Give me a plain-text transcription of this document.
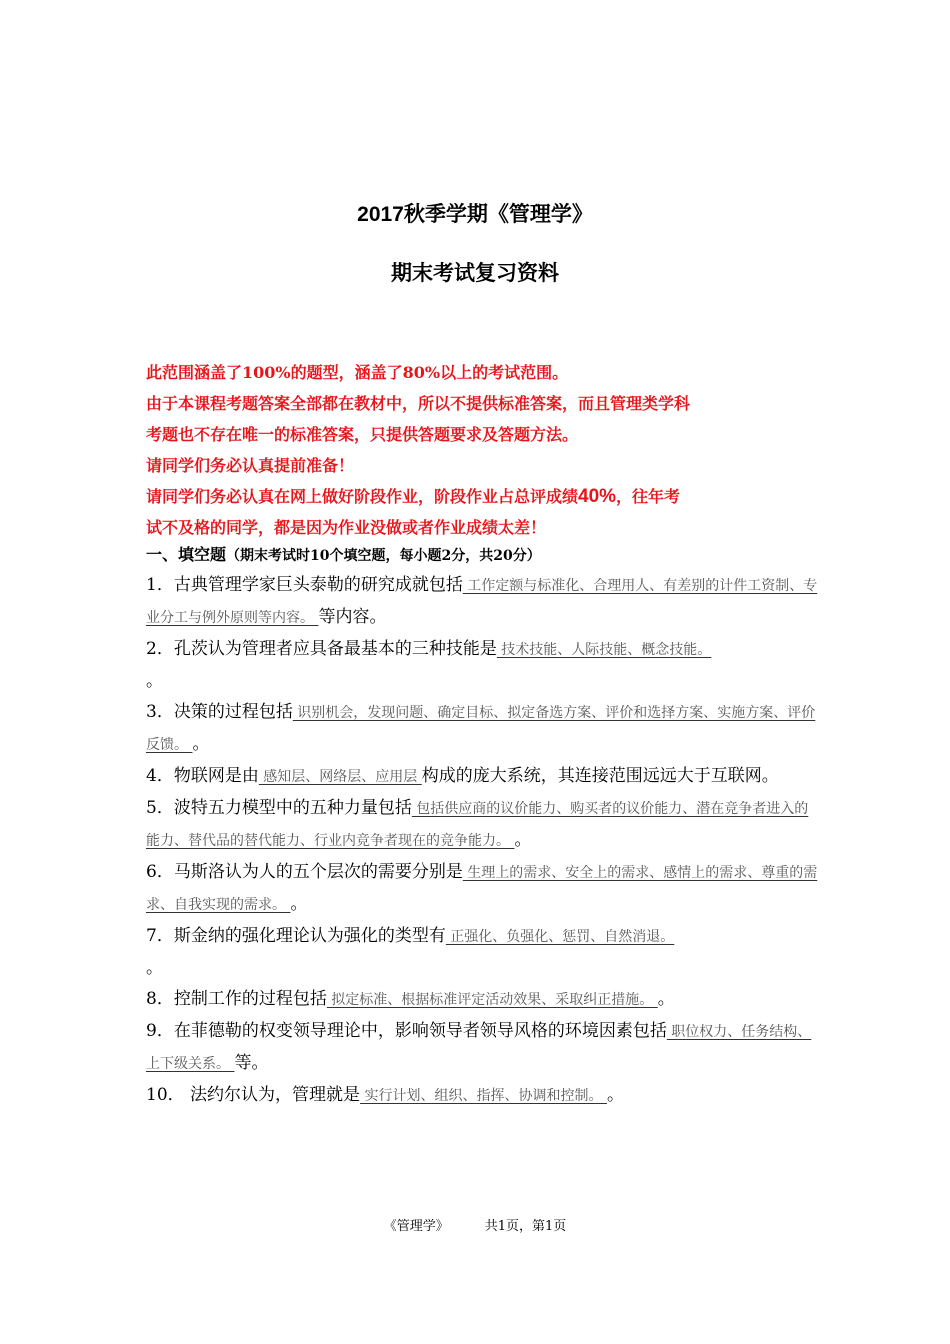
2017秋季学期《管理学》
期末考试复习资料
此范围涵盖了100%的题型，涵盖了80%以上的考试范围。
由于本课程考题答案全部都在教材中，所以不提供标准答案，而且管理类学科
考题也不存在唯一的标准答案，只提供答题要求及答题方法。
请同学们务必认真提前准备！
请同学们务必认真在网上做好阶段作业，阶段作业占总评成绩40%，往年考
试不及格的同学，都是因为作业没做或者作业成绩太差！
一、填空题（期末考试时10个填空题，每小题2分，共20分）
1．古典管理学家巨头泰勒的研究成就包括 工作定额与标准化、合理用人、有差别的计件工资制、专业分工与例外原则等内容。 等内容。
2．孔茨认为管理者应具备最基本的三种技能是 技术技能、人际技能、概念技能。
。
3．决策的过程包括 识别机会，发现问题、确定目标、拟定备选方案、评价和选择方案、实施方案、评价反馈。 。
4．物联网是由 感知层、网络层、应用层 构成的庞大系统，其连接范围远远大于互联网。
5．波特五力模型中的五种力量包括 包括供应商的议价能力、购买者的议价能力、潜在竞争者进入的能力、替代品的替代能力、行业内竞争者现在的竞争能力。 。
6．马斯洛认为人的五个层次的需要分别是 生理上的需求、安全上的需求、感情上的需求、尊重的需求、自我实现的需求。 。
7．斯金纳的强化理论认为强化的类型有 正强化、负强化、惩罚、自然消退。
。
8．控制工作的过程包括 拟定标准、根据标准评定活动效果、采取纠正措施。 。
9．在菲德勒的权变领导理论中，影响领导者领导风格的环境因素包括 职位权力、任务结构、上下级关系。 等。
10． 法约尔认为，管理就是 实行计划、组织、指挥、协调和控制。 。
《管理学》	共1页，第1页
